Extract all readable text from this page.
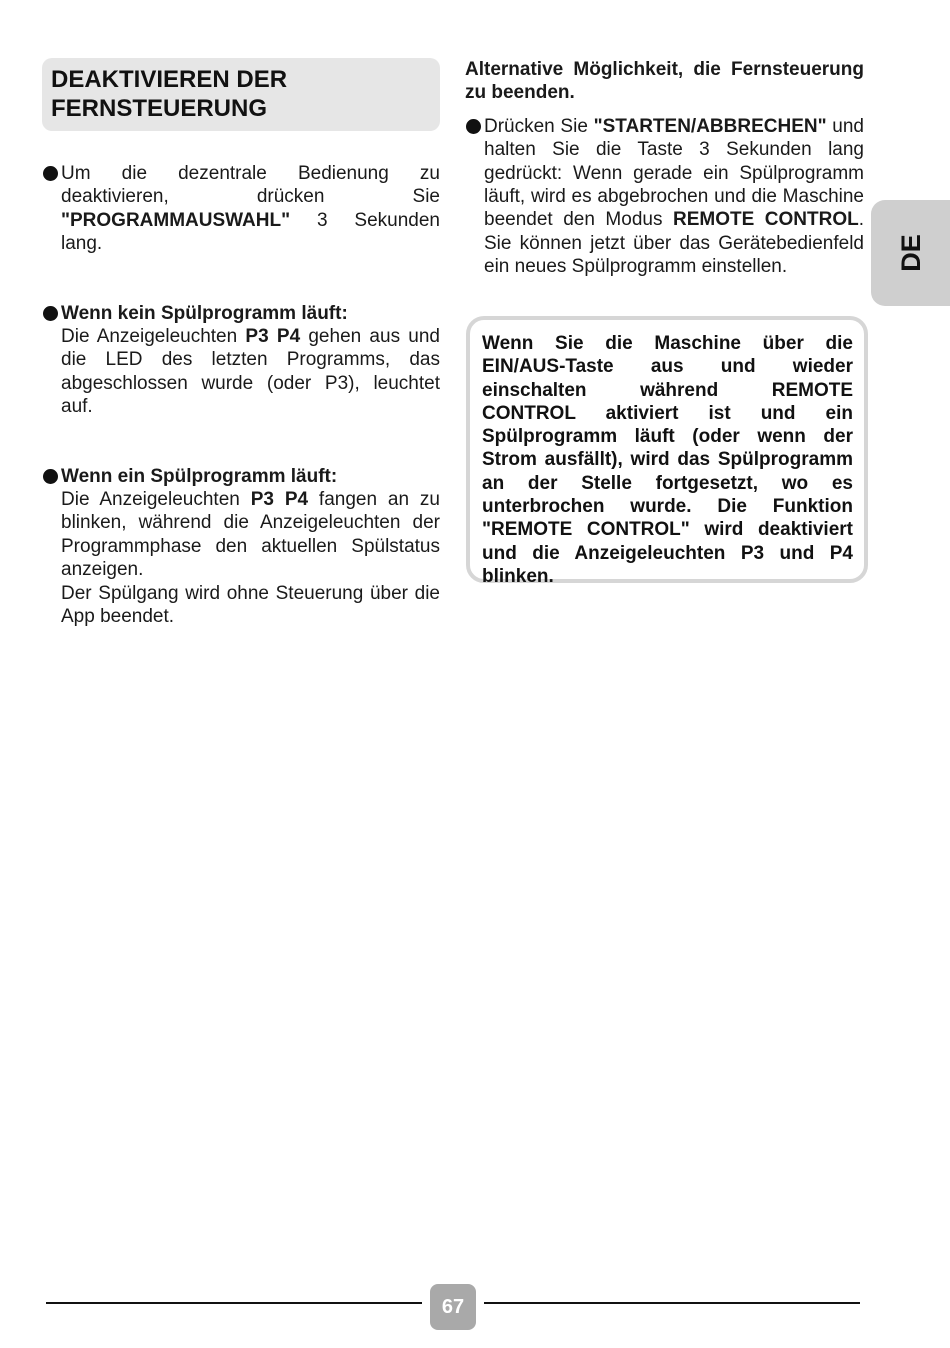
DEAKTIVIEREN DER
FERNSTEUERUNG

Um die dezentrale Bedienung zu deaktivieren, drücken Sie "PROGRAMMAUSWAHL" 3 Sekunden lang.

Wenn kein Spülprogramm läuft:

Die Anzeigeleuchten P3 P4 gehen aus und die LED des letzten Programms, das abgeschlossen wurde (oder P3), leuchtet auf.

Wenn ein Spülprogramm läuft:

Die Anzeigeleuchten P3 P4 fangen an zu blinken, während die Anzeigeleuchten der Programmphase den aktuellen Spülstatus anzeigen.

Der Spülgang wird ohne Steuerung über die App beendet.

Alternative Möglichkeit, die Fernsteuerung zu beenden.

Drücken Sie "STARTEN/ABBRECHEN" und halten Sie die Taste 3 Sekunden lang gedrückt: Wenn gerade ein Spülprogramm läuft, wird es abgebrochen und die Maschine beendet den Modus REMOTE CONTROL. Sie können jetzt über das Gerätebedienfeld ein neues Spülprogramm einstellen.

Wenn Sie die Maschine über die EIN/AUS-Taste aus und wieder einschalten während REMOTE CONTROL aktiviert ist und ein Spülprogramm läuft (oder wenn der Strom ausfällt), wird das Spülprogramm an der Stelle fortgesetzt, wo es unterbrochen wurde. Die Funktion "REMOTE CONTROL" wird deaktiviert und die Anzeigeleuchten P3 und P4 blinken.

DE
67
